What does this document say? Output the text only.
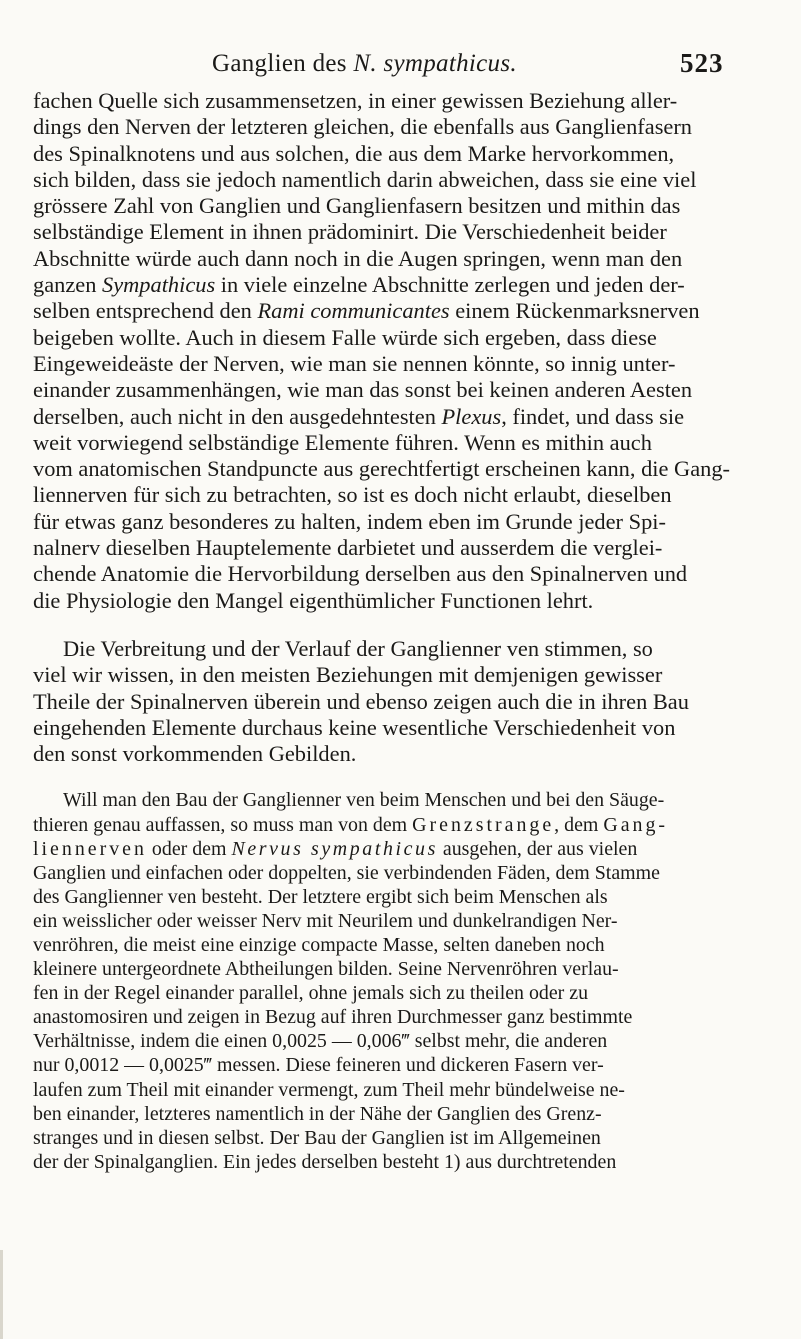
Ganglien des N. sympathicus.	523

fachen Quelle sich zusammensetzen, in einer gewissen Beziehung aller-

dings den Nerven der letzteren gleichen, die ebenfalls aus Ganglienfasern

des Spinalknotens und aus solchen, die aus dem Marke hervorkommen,

sich bilden, dass sie jedoch namentlich darin abweichen, dass sie eine viel

grössere Zahl von Ganglien und Ganglienfasern besitzen und mithin das

selbständige Element in ihnen prädominirt. Die Verschiedenheit beider

Abschnitte würde auch dann noch in die Augen springen, wenn man den

ganzen Sympathicus in viele einzelne Abschnitte zerlegen und jeden der-

selben entsprechend den Rami communicantes einem Rückenmarksnerven

beigeben wollte. Auch in diesem Falle würde sich ergeben, dass diese

Eingeweideäste der Nerven, wie man sie nennen könnte, so innig unter-

einander zusammenhängen, wie man das sonst bei keinen anderen Aesten

derselben, auch nicht in den ausgedehntesten Plexus, findet, und dass sie

weit vorwiegend selbständige Elemente führen. Wenn es mithin auch

vom anatomischen Standpuncte aus gerechtfertigt erscheinen kann, die Gang-

liennerven für sich zu betrachten, so ist es doch nicht erlaubt, dieselben

für etwas ganz besonderes zu halten, indem eben im Grunde jeder Spi-

nalnerv dieselben Hauptelemente darbietet und ausserdem die verglei-

chende Anatomie die Hervorbildung derselben aus den Spinalnerven und

die Physiologie den Mangel eigenthümlicher Functionen lehrt.

Die Verbreitung und der Verlauf der Ganglienner ven stimmen, so

viel wir wissen, in den meisten Beziehungen mit demjenigen gewisser

Theile der Spinalnerven überein und ebenso zeigen auch die in ihren Bau

eingehenden Elemente durchaus keine wesentliche Verschiedenheit von

den sonst vorkommenden Gebilden.

Will man den Bau der Ganglienner ven beim Menschen und bei den Säuge-

thieren genau auffassen, so muss man von dem Grenzstrange, dem Gang-

liennerven oder dem Nervus sympathicus ausgehen, der aus vielen

Ganglien und einfachen oder doppelten, sie verbindenden Fäden, dem Stamme

des Ganglienner ven besteht. Der letztere ergibt sich beim Menschen als

ein weisslicher oder weisser Nerv mit Neurilem und dunkelrandigen Ner-

venröhren, die meist eine einzige compacte Masse, selten daneben noch

kleinere untergeordnete Abtheilungen bilden. Seine Nervenröhren verlau-

fen in der Regel einander parallel, ohne jemals sich zu theilen oder zu

anastomosiren und zeigen in Bezug auf ihren Durchmesser ganz bestimmte

Verhältnisse, indem die einen 0,0025 — 0,006‴ selbst mehr, die anderen

nur 0,0012 — 0,0025‴ messen. Diese feineren und dickeren Fasern ver-

laufen zum Theil mit einander vermengt, zum Theil mehr bündelweise ne-

ben einander, letzteres namentlich in der Nähe der Ganglien des Grenz-

stranges und in diesen selbst. Der Bau der Ganglien ist im Allgemeinen

der der Spinalganglien. Ein jedes derselben besteht 1) aus durchtretenden
